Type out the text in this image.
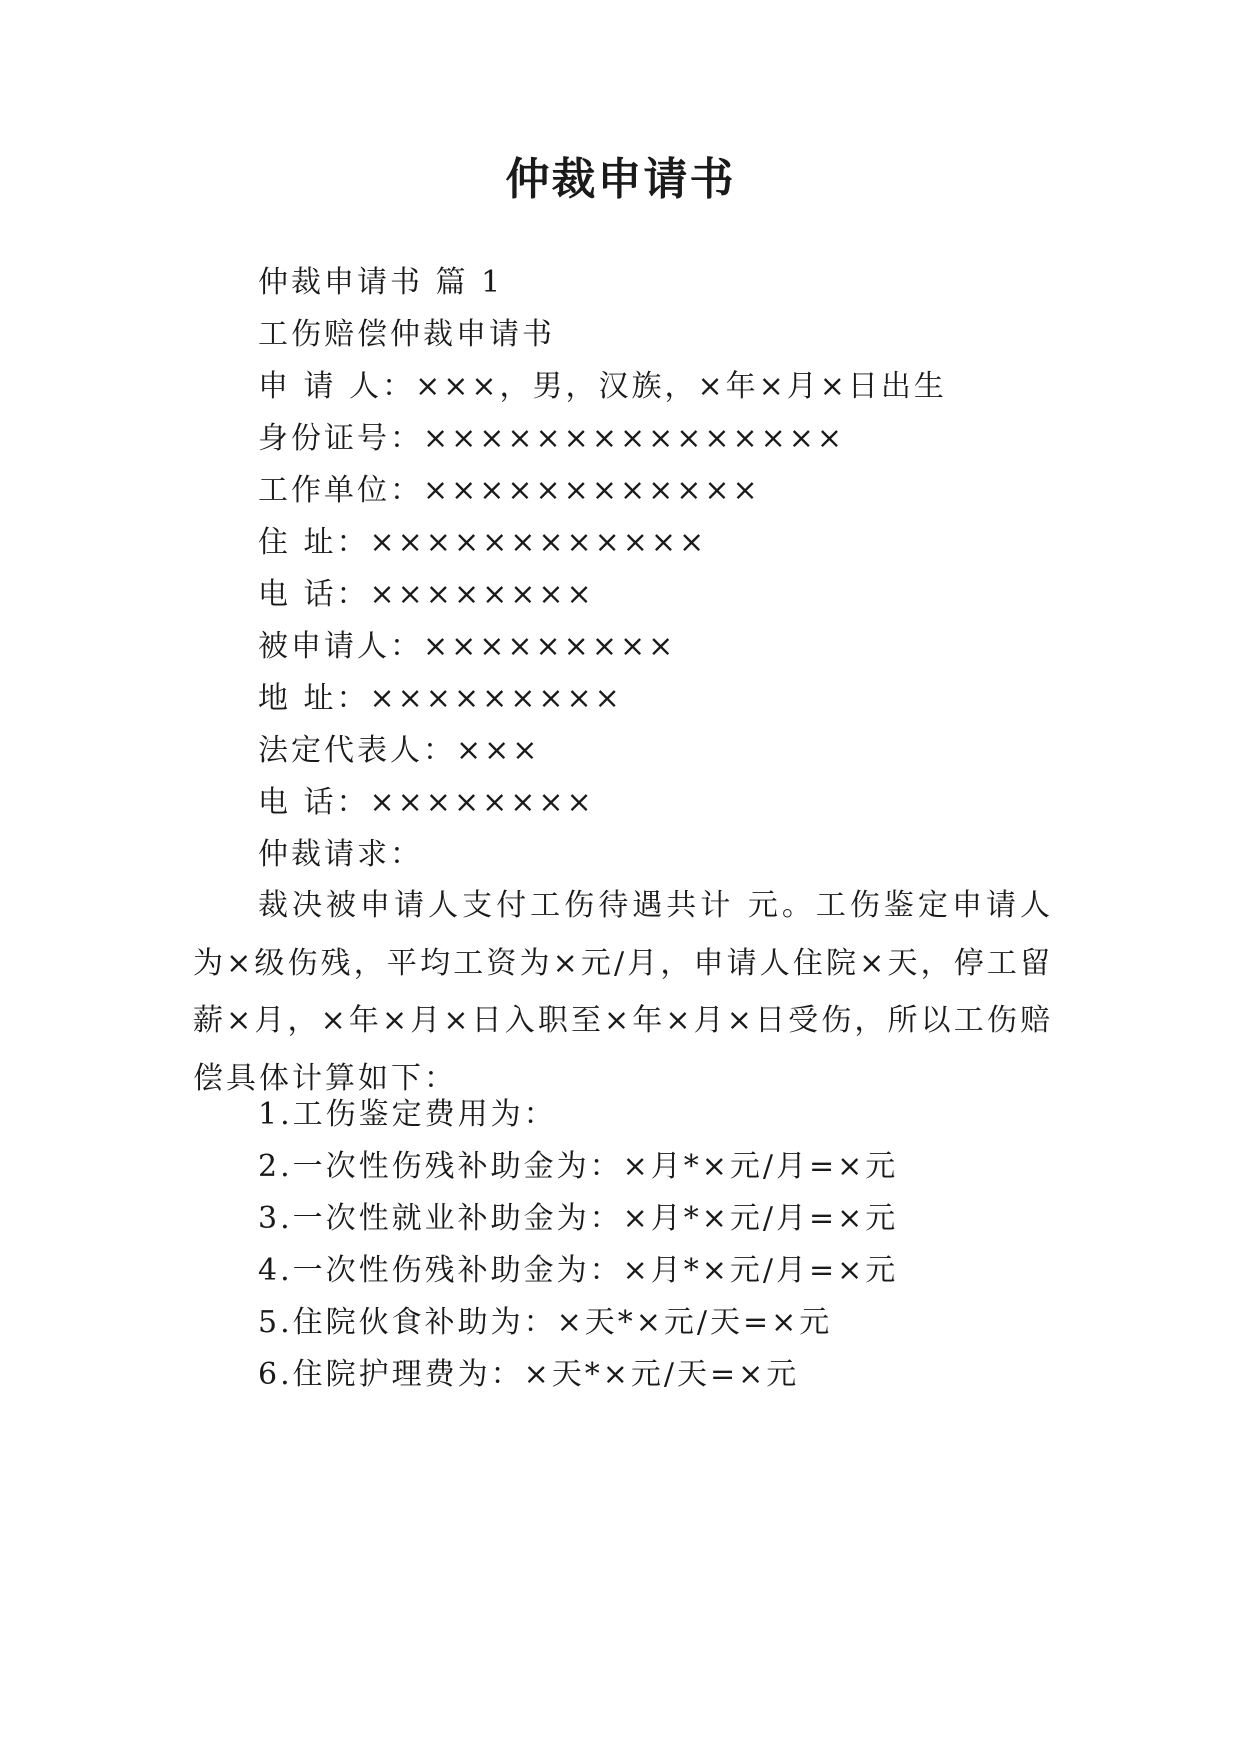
仲裁申请书
仲裁申请书 篇 1
工伤赔偿仲裁申请书
申 请 人：×××，男，汉族，×年×月×日出生
身份证号：×××××××××××××××
工作单位：××××××××××××
住 址：××××××××××××
电 话：××××××××
被申请人：×××××××××
地 址：×××××××××
法定代表人：×××
电 话：××××××××
仲裁请求：
裁决被申请人支付工伤待遇共计 元。工伤鉴定申请人为×级伤残，平均工资为×元/月，申请人住院×天，停工留薪×月，×年×月×日入职至×年×月×日受伤，所以工伤赔偿具体计算如下：
1.工伤鉴定费用为：
2.一次性伤残补助金为：×月*×元/月=×元
3.一次性就业补助金为：×月*×元/月=×元
4.一次性伤残补助金为：×月*×元/月=×元
5.住院伙食补助为：×天*×元/天=×元
6.住院护理费为：×天*×元/天=×元
